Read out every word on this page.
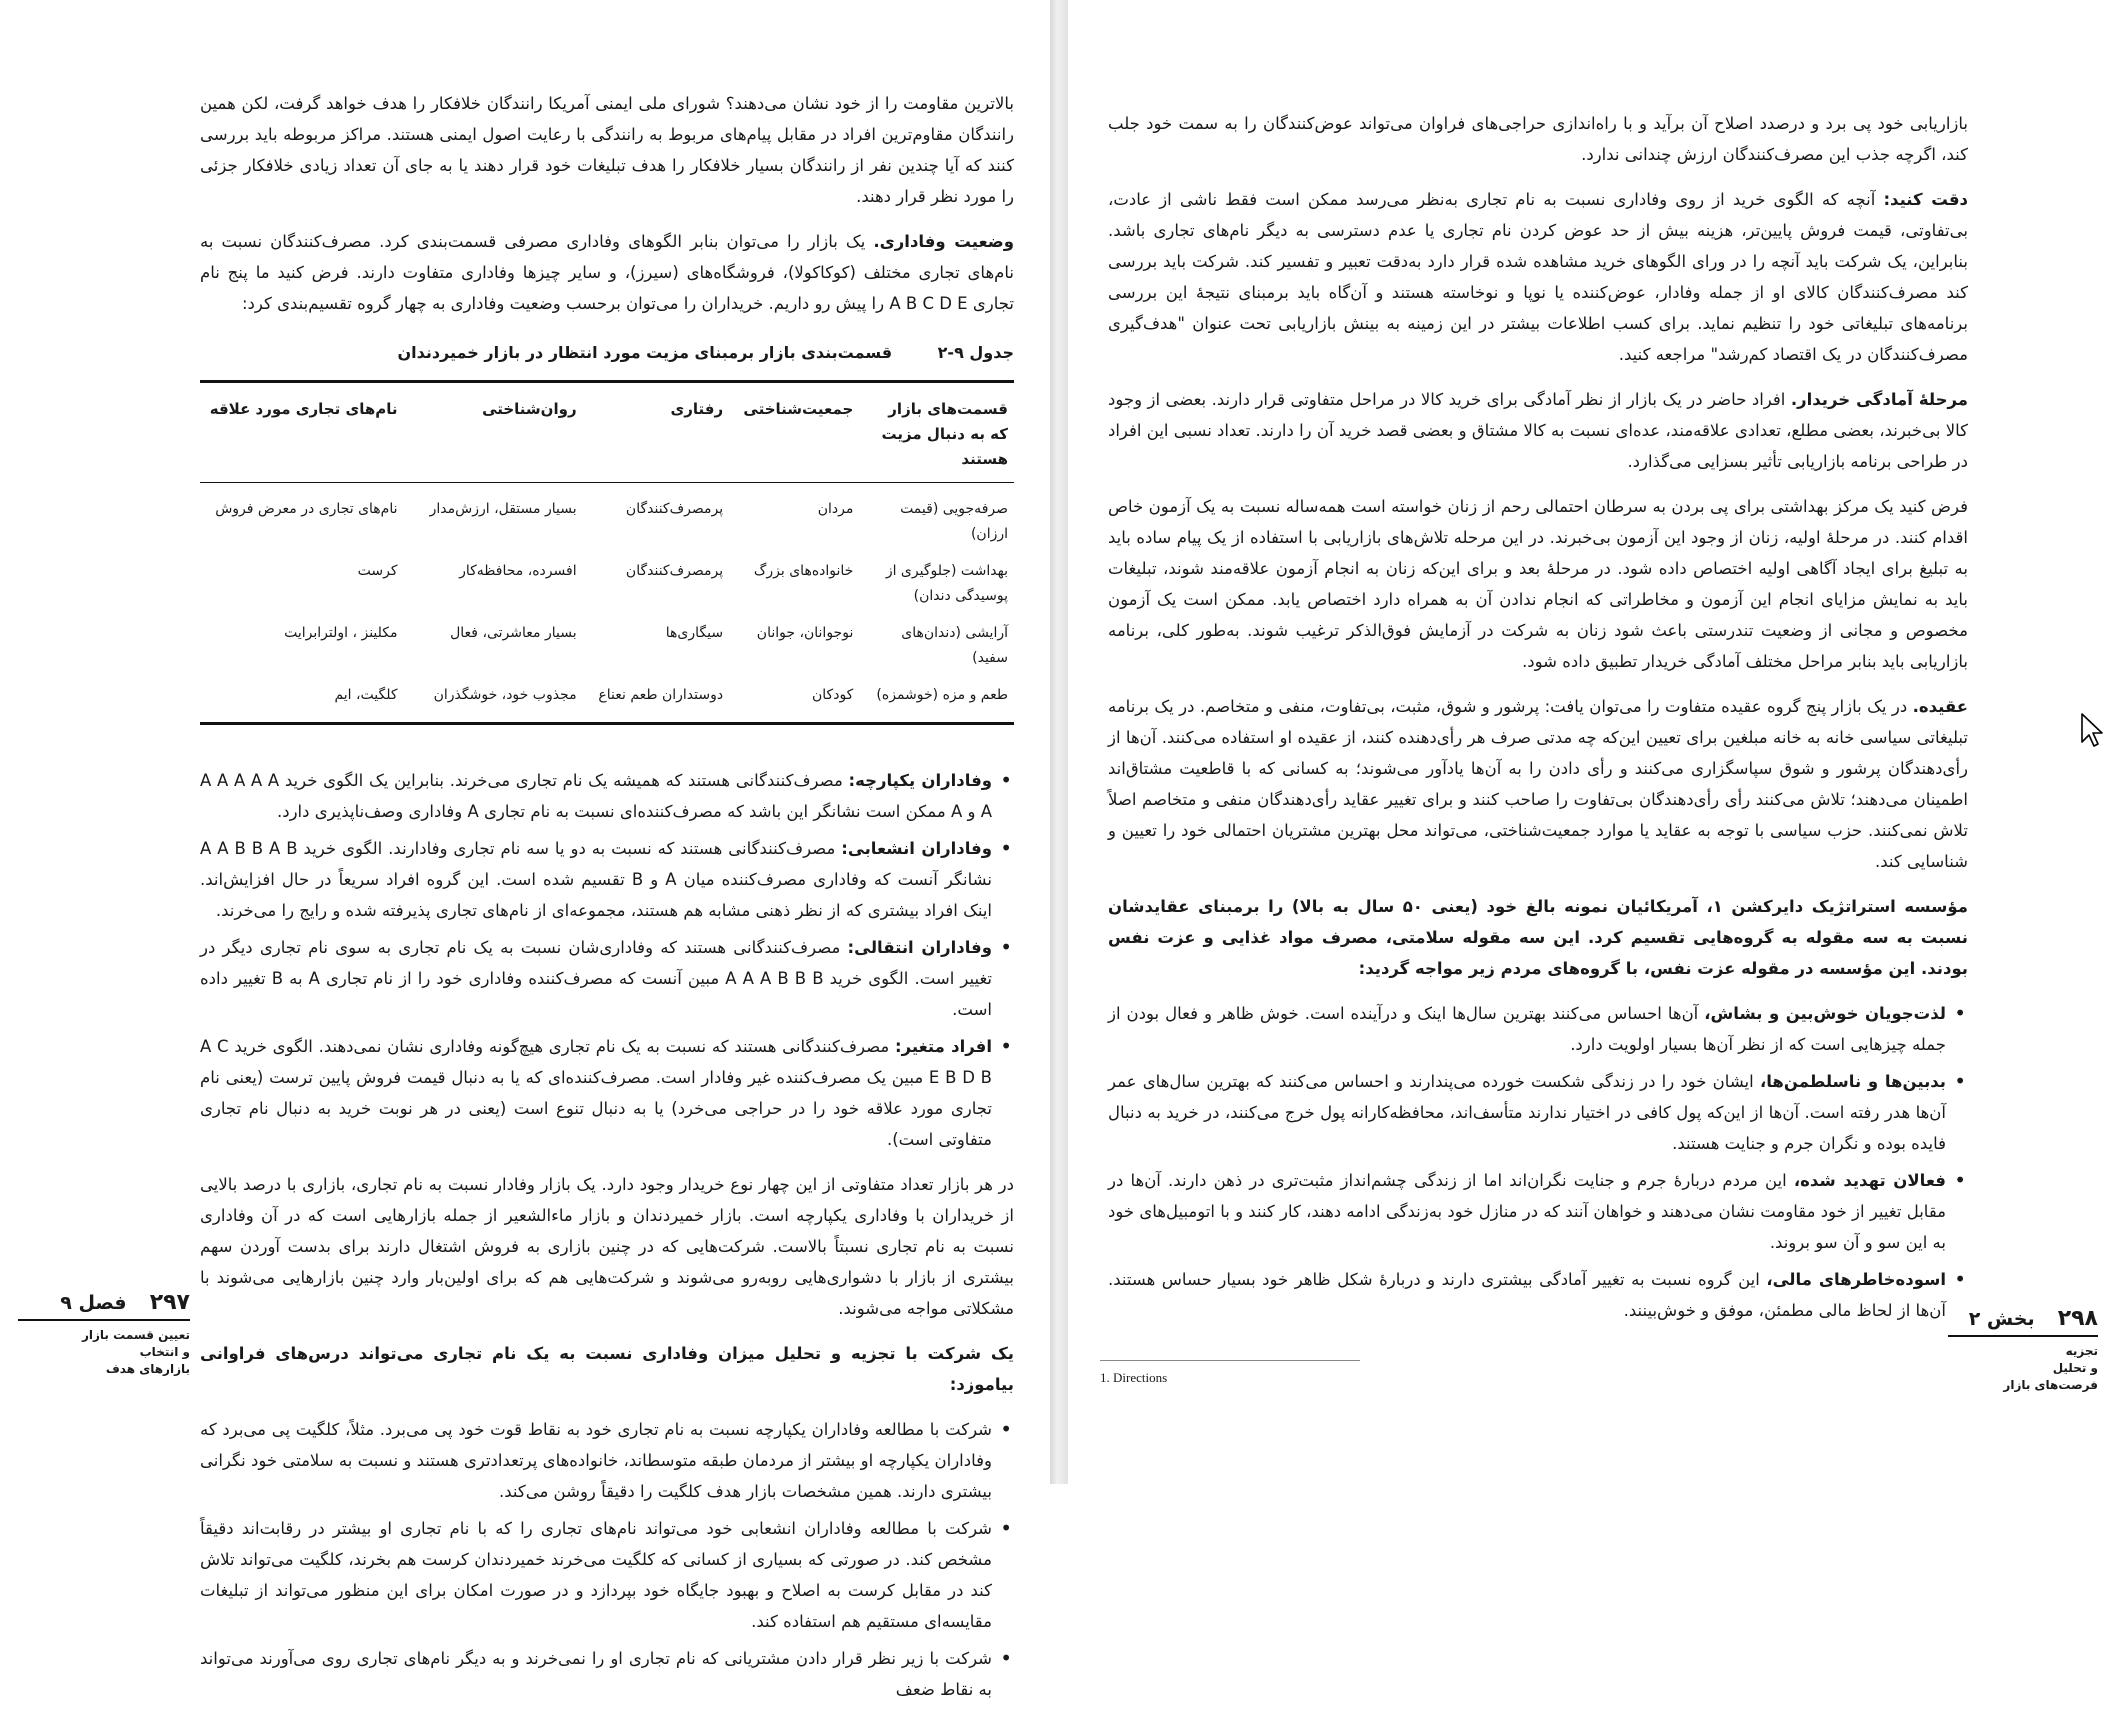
بالاترین مقاومت را از خود نشان می‌دهند؟ شورای ملی ایمنی آمریکا رانندگان خلافکار را هدف خواهد گرفت، لکن همین رانندگان مقاوم‌ترین افراد در مقابل پیام‌های مربوط به رانندگی با رعایت اصول ایمنی هستند. مراکز مربوطه باید بررسی کنند که آیا چندین نفر از رانندگان بسیار خلافکار را هدف تبلیغات خود قرار دهند یا به جای آن تعداد زیادی خلافکار جزئی را مورد نظر قرار دهند.

وضعیت وفاداری. یک بازار را می‌توان بنابر الگوهای وفاداری مصرفی قسمت‌بندی کرد. مصرف‌کنندگان نسبت به نام‌های تجاری مختلف (کوکاکولا)، فروشگاه‌های (سیرز)، و سایر چیزها وفاداری متفاوت دارند. فرض کنید ما پنج نام تجاری A B C D E را پیش رو داریم. خریداران را می‌توان برحسب وضعیت وفاداری به چهار گروه تقسیم‌بندی کرد:

جدول ۹-۲ قسمت‌بندی بازار برمبنای مزیت مورد انتظار در بازار خمیردندان
قسمت‌های بازار که به دنبال مزیت هستند	جمعیت‌شناختی	رفتاری	روان‌شناختی	نام‌های تجاری مورد علاقه
صرفه‌جویی (قیمت ارزان)	مردان	پرمصرف‌کنندگان	بسیار مستقل، ارزش‌مدار	نام‌های تجاری در معرض فروش
بهداشت (جلوگیری از پوسیدگی دندان)	خانواده‌های بزرگ	پرمصرف‌کنندگان	افسرده، محافظه‌کار	کرست
آرایشی (دندان‌های سفید)	نوجوانان، جوانان	سیگاری‌ها	بسیار معاشرتی، فعال	مکلینز ، اولترابرایت
طعم و مزه (خوشمزه)	کودکان	دوستداران طعم نعناع	مجذوب خود، خوشگذران	کلگیت، ایم
• وفاداران یکپارچه: مصرف‌کنندگانی هستند که همیشه یک نام تجاری می‌خرند. بنابراین یک الگوی خرید A A A A A A و A ممکن است نشانگر این باشد که مصرف‌کننده‌ای نسبت به نام تجاری A وفاداری وصف‌ناپذیری دارد.
• وفاداران انشعابی: مصرف‌کنندگانی هستند که نسبت به دو یا سه نام تجاری وفادارند. الگوی خرید A A B B A B نشانگر آنست که وفاداری مصرف‌کننده میان A و B تقسیم شده است. این گروه افراد سریعاً در حال افزایش‌اند. اینک افراد بیشتری که از نظر ذهنی مشابه هم هستند، مجموعه‌ای از نام‌های تجاری پذیرفته شده و رایج را می‌خرند.
• وفاداران انتقالی: مصرف‌کنندگانی هستند که وفاداری‌شان نسبت به یک نام تجاری به سوی نام تجاری دیگر در تغییر است. الگوی خرید A A A B B B مبین آنست که مصرف‌کننده وفاداری خود را از نام تجاری A به B تغییر داده است.
• افراد متغیر: مصرف‌کنندگانی هستند که نسبت به یک نام تجاری هیچ‌گونه وفاداری نشان نمی‌دهند. الگوی خرید A C E B D B مبین یک مصرف‌کننده غیر وفادار است. مصرف‌کننده‌ای که یا به دنبال قیمت فروش پایین ترست (یعنی نام تجاری مورد علاقه خود را در حراجی می‌خرد) یا به دنبال تنوع است (یعنی در هر نوبت خرید به دنبال نام تجاری متفاوتی است).

در هر بازار تعداد متفاوتی از این چهار نوع خریدار وجود دارد. یک بازار وفادار نسبت به نام تجاری، بازاری با درصد بالایی از خریداران با وفاداری یکپارچه است. بازار خمیردندان و بازار ماءالشعیر از جمله بازارهایی است که در آن وفاداری نسبت به نام تجاری نسبتاً بالاست. شرکت‌هایی که در چنین بازاری به فروش اشتغال دارند برای بدست آوردن سهم بیشتری از بازار با دشواری‌هایی روبه‌رو می‌شوند و شرکت‌هایی هم که برای اولین‌بار وارد چنین بازارهایی می‌شوند با مشکلاتی مواجه می‌شوند.

یک شرکت با تجزیه و تحلیل میزان وفاداری نسبت به یک نام تجاری می‌تواند درس‌های فراوانی بیاموزد:

• شرکت با مطالعه وفاداران یکپارچه نسبت به نام تجاری خود به نقاط قوت خود پی می‌برد. مثلاً، کلگیت پی می‌برد که وفاداران یکپارچه او بیشتر از مردمان طبقه متوسطاند، خانواده‌های پرتعدادتری هستند و نسبت به سلامتی خود نگرانی بیشتری دارند. همین مشخصات بازار هدف کلگیت را دقیقاً روشن می‌کند.
• شرکت با مطالعه وفاداران انشعابی خود می‌تواند نام‌های تجاری را که با نام تجاری او بیشتر در رقابت‌اند دقیقاً مشخص کند. در صورتی که بسیاری از کسانی که کلگیت می‌خرند خمیردندان کرست هم بخرند، کلگیت می‌تواند تلاش کند در مقابل کرست به اصلاح و بهبود جایگاه خود بپردازد و در صورت امکان برای این منظور می‌تواند از تبلیغات مقایسه‌ای مستقیم هم استفاده کند.
• شرکت با زیر نظر قرار دادن مشتریانی که نام تجاری او را نمی‌خرند و به دیگر نام‌های تجاری روی می‌آورند می‌تواند به نقاط ضعف
۲۹۷ فصل ۹
تعیین قسمت بازار
و انتخاب
بازارهای هدف

بازاریابی خود پی برد و درصدد اصلاح آن برآید و با راه‌اندازی حراجی‌های فراوان می‌تواند عوض‌کنندگان را به سمت خود جلب کند، اگرچه جذب این مصرف‌کنندگان ارزش چندانی ندارد.

دقت کنید: آنچه که الگوی خرید از روی وفاداری نسبت به نام تجاری به‌نظر می‌رسد ممکن است فقط ناشی از عادت، بی‌تفاوتی، قیمت فروش پایین‌تر، هزینه بیش از حد عوض کردن نام تجاری یا عدم دسترسی به دیگر نام‌های تجاری باشد. بنابراین، یک شرکت باید آنچه را در ورای الگوهای خرید مشاهده شده قرار دارد به‌دقت تعبیر و تفسیر کند. شرکت باید بررسی کند مصرف‌کنندگان کالای او از جمله وفادار، عوض‌کننده یا نوپا و نوخاسته هستند و آن‌گاه باید برمبنای نتیجهٔ این بررسی برنامه‌های تبلیغاتی خود را تنظیم نماید. برای کسب اطلاعات بیشتر در این زمینه به بینش بازاریابی تحت عنوان "هدف‌گیری مصرف‌کنندگان در یک اقتصاد کم‌رشد" مراجعه کنید.

مرحلهٔ آمادگی خریدار. افراد حاضر در یک بازار از نظر آمادگی برای خرید کالا در مراحل متفاوتی قرار دارند. بعضی از وجود کالا بی‌خبرند، بعضی مطلع، تعدادی علاقه‌مند، عده‌ای نسبت به کالا مشتاق و بعضی قصد خرید آن را دارند. تعداد نسبی این افراد در طراحی برنامه بازاریابی تأثیر بسزایی می‌گذارد.

فرض کنید یک مرکز بهداشتی برای پی بردن به سرطان احتمالی رحم از زنان خواسته است همه‌ساله نسبت به یک آزمون خاص اقدام کنند. در مرحلهٔ اولیه، زنان از وجود این آزمون بی‌خبرند. در این مرحله تلاش‌های بازاریابی با استفاده از یک پیام ساده باید به تبلیغ برای ایجاد آگاهی اولیه اختصاص داده شود. در مرحلهٔ بعد و برای این‌که زنان به انجام آزمون علاقه‌مند شوند، تبلیغات باید به نمایش مزایای انجام این آزمون و مخاطراتی که انجام ندادن آن به همراه دارد اختصاص یابد. ممکن است یک آزمون مخصوص و مجانی از وضعیت تندرستی باعث شود زنان به شرکت در آزمایش فوق‌الذکر ترغیب شوند. به‌طور کلی، برنامه بازاریابی باید بنابر مراحل مختلف آمادگی خریدار تطبیق داده شود.

عقیده. در یک بازار پنج گروه عقیده متفاوت را می‌توان یافت: پرشور و شوق، مثبت، بی‌تفاوت، منفی و متخاصم. در یک برنامه تبلیغاتی سیاسی خانه به خانه مبلغین برای تعیین این‌که چه مدتی صرف هر رأی‌دهنده کنند، از عقیده او استفاده می‌کنند. آن‌ها از رأی‌دهندگان پرشور و شوق سپاسگزاری می‌کنند و رأی دادن را به آن‌ها یادآور می‌شوند؛ به کسانی که با قاطعیت مشتاق‌اند اطمینان می‌دهند؛ تلاش می‌کنند رأی رأی‌دهندگان بی‌تفاوت را صاحب کنند و برای تغییر عقاید رأی‌دهندگان منفی و متخاصم اصلاً تلاش نمی‌کنند. حزب سیاسی با توجه به عقاید یا موارد جمعیت‌شناختی، می‌تواند محل بهترین مشتریان احتمالی خود را تعیین و شناسایی کند.

مؤسسه استراتژیک دایرکشن ۱، آمریکائیان نمونه بالغ خود (یعنی ۵۰ سال به بالا) را برمبنای عقایدشان نسبت به سه مقوله به گروه‌هایی تقسیم کرد. این سه مقوله سلامتی، مصرف مواد غذایی و عزت نفس بودند. این مؤسسه در مقوله عزت نفس، با گروه‌های مردم زیر مواجه گردید:

• لذت‌جویان خوش‌بین و بشاش، آن‌ها احساس می‌کنند بهترین سال‌ها اینک و درآینده است. خوش ظاهر و فعال بودن از جمله چیزهایی است که از نظر آن‌ها بسیار اولویت دارد.
• بدبین‌ها و ناسلطمن‌ها، ایشان خود را در زندگی شکست خورده می‌پندارند و احساس می‌کنند که بهترین سال‌های عمر آن‌ها هدر رفته است. آن‌ها از این‌که پول کافی در اختیار ندارند متأسف‌اند، محافظه‌کارانه پول خرج می‌کنند، در خرید به دنبال فایده بوده و نگران جرم و جنایت هستند.
• فعالان تهدید شده، این مردم دربارهٔ جرم و جنایت نگران‌اند اما از زندگی چشم‌انداز مثبت‌تری در ذهن دارند. آن‌ها در مقابل تغییر از خود مقاومت نشان می‌دهند و خواهان آنند که در منازل خود به‌زندگی ادامه دهند، کار کنند و با اتومبیل‌های خود به این سو و آن سو بروند.
• اسوده‌خاطرهای مالی، این گروه نسبت به تغییر آمادگی بیشتری دارند و دربارهٔ شکل ظاهر خود بسیار حساس هستند. آن‌ها از لحاظ مالی مطمئن، موفق و خوش‌بینند.	۲۹۸ بخش ۲
تجزیه
و تحلیل
فرصت‌های بازار
1. Directions
